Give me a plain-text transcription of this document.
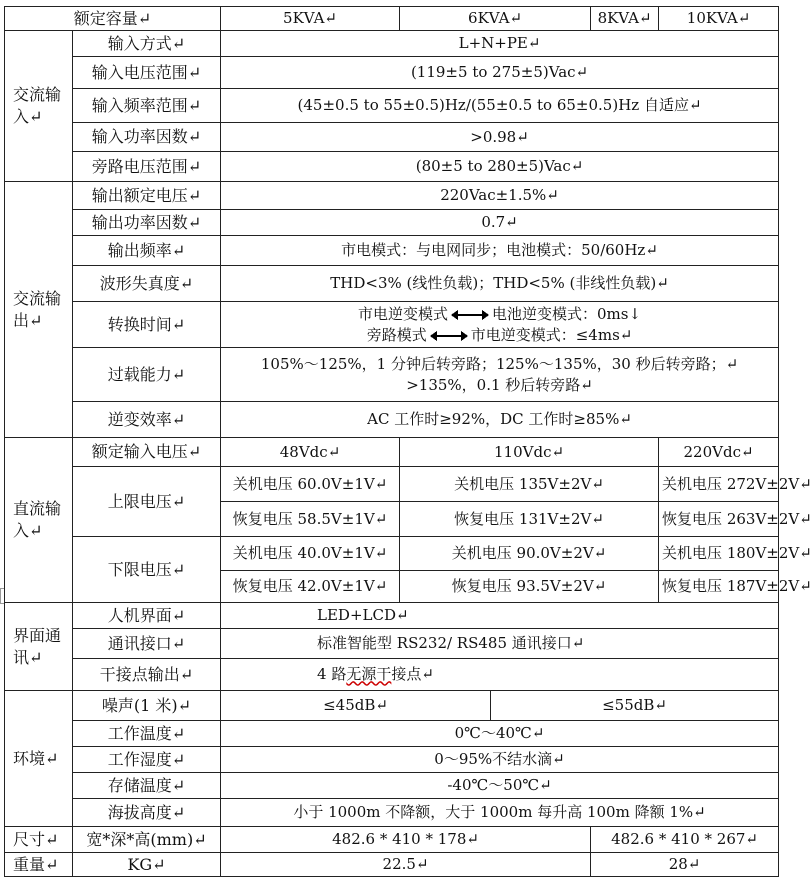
额定容量↵		5KVA↵	6KVA↵		8KVA↵	10KVA↵
交流输入↵	输入方式↵	L+N+PE↵				
	输入电压范围↵	(119±5 to 275±5)Vac↵				
	输入频率范围↵	(45±0.5 to 55±0.5)Hz/(55±0.5 to 65±0.5)Hz 自适应↵				
	输入功率因数↵	>0.98↵				
	旁路电压范围↵	(80±5 to 280±5)Vac↵				
交流输出↵	输出额定电压↵	220Vac±1.5%↵				
	输出功率因数↵	0.7↵				
	输出频率↵	市电模式：与电网同步；电池模式：50/60Hz↵				
	波形失真度↵	THD<3% (线性负载)；THD<5% (非线性负载)↵				
	转换时间↵	市电逆变模式 电池逆变模式：0ms↓
旁路模式 市电逆变模式：≤4ms↵				

	过载能力↵	105%～125%，1 分钟后转旁路；125%～135%，30 秒后转旁路；↵
>135%，0.1 秒后转旁路↵				

	逆变效率↵	AC 工作时≥92%，DC 工作时≥85%↵				
直流输入↵	额定输入电压↵	48Vdc↵	110Vdc↵			220Vdc↵
	上限电压↵	关机电压 60.0V±1V↵	关机电压 135V±2V↵			关机电压 272V±2V↵
		恢复电压 58.5V±1V↵	恢复电压 131V±2V↵			恢复电压 263V±2V↵
	下限电压↵	关机电压 40.0V±1V↵	关机电压 90.0V±2V↵			关机电压 180V±2V↵
		恢复电压 42.0V±1V↵	恢复电压 93.5V±2V↵			恢复电压 187V±2V↵
界面通讯↵	人机界面↵	LED+LCD↵				
	通讯接口↵	标准智能型 RS232/ RS485 通讯接口↵				
	干接点输出↵	4 路无源干接点↵				
环境↵	噪声(1 米)↵	≤45dB↵		≤55dB↵		
	工作温度↵	0℃～40℃↵				
	工作湿度↵	0～95%不结水滴↵				
	存储温度↵	-40℃～50℃↵				
	海拔高度↵	小于 1000m 不降额，大于 1000m 每升高 100m 降额 1%↵				
尺寸↵	宽*深*高(mm)↵	482.6 * 410 * 178↵			482.6 * 410 * 267↵	
重量↵	KG↵	22.5↵			28↵	
